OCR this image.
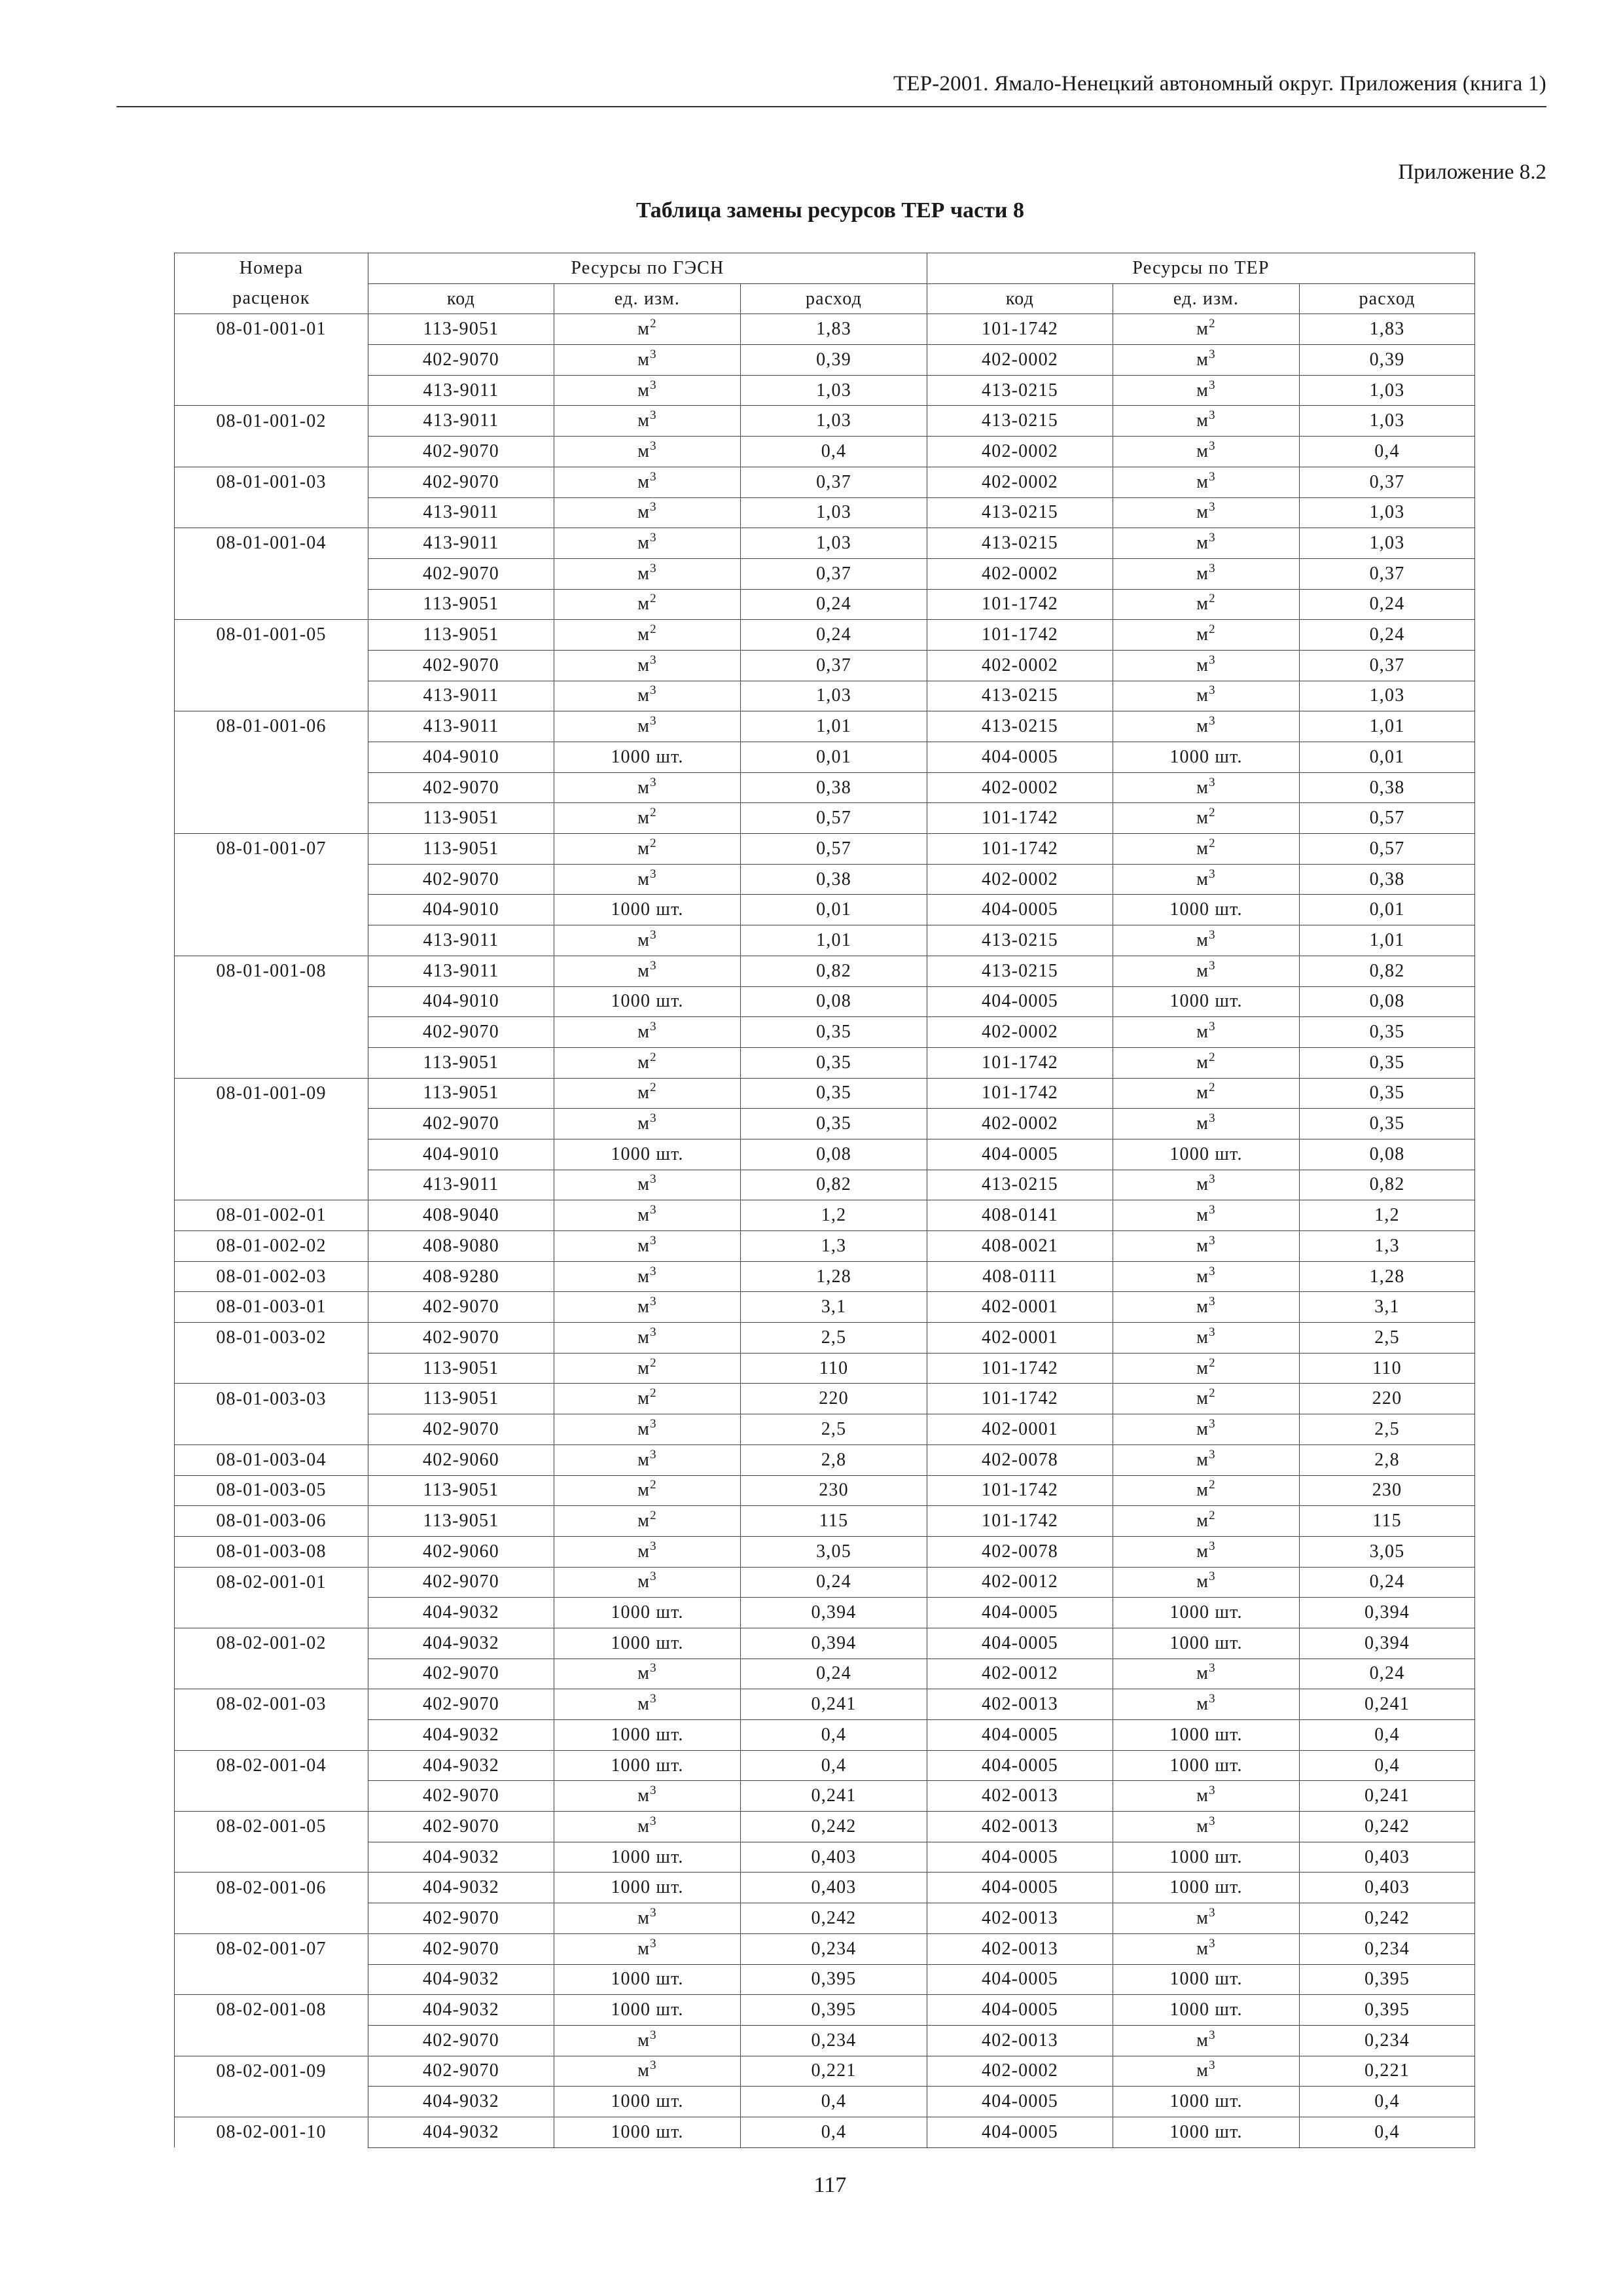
ТЕР-2001. Ямало-Ненецкий автономный округ. Приложения (книга 1)
Приложение 8.2
Таблица замены ресурсов ТЕР части 8
Номера	Ресурсы по ГЭСН			Ресурсы по ТЕР		
расценок	код	ед. изм.	расход	код	ед. изм.	расход
08-01-001-01	113-9051	$м^2$	1,83	101-1742	$м^2$	1,83
	402-9070	$м^3$	0,39	402-0002	$м^3$	0,39
	413-9011	$м^3$	1,03	413-0215	$м^3$	1,03
08-01-001-02	413-9011	$м^3$	1,03	413-0215	$м^3$	1,03
	402-9070	$м^3$	0,4	402-0002	$м^3$	0,4
08-01-001-03	402-9070	$м^3$	0,37	402-0002	$м^3$	0,37
	413-9011	$м^3$	1,03	413-0215	$м^3$	1,03
08-01-001-04	413-9011	$м^3$	1,03	413-0215	$м^3$	1,03
	402-9070	$м^3$	0,37	402-0002	$м^3$	0,37
	113-9051	$м^2$	0,24	101-1742	$м^2$	0,24
08-01-001-05	113-9051	$м^2$	0,24	101-1742	$м^2$	0,24
	402-9070	$м^3$	0,37	402-0002	$м^3$	0,37
	413-9011	$м^3$	1,03	413-0215	$м^3$	1,03
08-01-001-06	413-9011	$м^3$	1,01	413-0215	$м^3$	1,01
	404-9010	1000 шт.	0,01	404-0005	1000 шт.	0,01
	402-9070	$м^3$	0,38	402-0002	$м^3$	0,38
	113-9051	$м^2$	0,57	101-1742	$м^2$	0,57
08-01-001-07	113-9051	$м^2$	0,57	101-1742	$м^2$	0,57
	402-9070	$м^3$	0,38	402-0002	$м^3$	0,38
	404-9010	1000 шт.	0,01	404-0005	1000 шт.	0,01
	413-9011	$м^3$	1,01	413-0215	$м^3$	1,01
08-01-001-08	413-9011	$м^3$	0,82	413-0215	$м^3$	0,82
	404-9010	1000 шт.	0,08	404-0005	1000 шт.	0,08
	402-9070	$м^3$	0,35	402-0002	$м^3$	0,35
	113-9051	$м^2$	0,35	101-1742	$м^2$	0,35
08-01-001-09	113-9051	$м^2$	0,35	101-1742	$м^2$	0,35
	402-9070	$м^3$	0,35	402-0002	$м^3$	0,35
	404-9010	1000 шт.	0,08	404-0005	1000 шт.	0,08
	413-9011	$м^3$	0,82	413-0215	$м^3$	0,82
08-01-002-01	408-9040	$м^3$	1,2	408-0141	$м^3$	1,2
08-01-002-02	408-9080	$м^3$	1,3	408-0021	$м^3$	1,3
08-01-002-03	408-9280	$м^3$	1,28	408-0111	$м^3$	1,28
08-01-003-01	402-9070	$м^3$	3,1	402-0001	$м^3$	3,1
08-01-003-02	402-9070	$м^3$	2,5	402-0001	$м^3$	2,5
	113-9051	$м^2$	110	101-1742	$м^2$	110
08-01-003-03	113-9051	$м^2$	220	101-1742	$м^2$	220
	402-9070	$м^3$	2,5	402-0001	$м^3$	2,5
08-01-003-04	402-9060	$м^3$	2,8	402-0078	$м^3$	2,8
08-01-003-05	113-9051	$м^2$	230	101-1742	$м^2$	230
08-01-003-06	113-9051	$м^2$	115	101-1742	$м^2$	115
08-01-003-08	402-9060	$м^3$	3,05	402-0078	$м^3$	3,05
08-02-001-01	402-9070	$м^3$	0,24	402-0012	$м^3$	0,24
	404-9032	1000 шт.	0,394	404-0005	1000 шт.	0,394
08-02-001-02	404-9032	1000 шт.	0,394	404-0005	1000 шт.	0,394
	402-9070	$м^3$	0,24	402-0012	$м^3$	0,24
08-02-001-03	402-9070	$м^3$	0,241	402-0013	$м^3$	0,241
	404-9032	1000 шт.	0,4	404-0005	1000 шт.	0,4
08-02-001-04	404-9032	1000 шт.	0,4	404-0005	1000 шт.	0,4
	402-9070	$м^3$	0,241	402-0013	$м^3$	0,241
08-02-001-05	402-9070	$м^3$	0,242	402-0013	$м^3$	0,242
	404-9032	1000 шт.	0,403	404-0005	1000 шт.	0,403
08-02-001-06	404-9032	1000 шт.	0,403	404-0005	1000 шт.	0,403
	402-9070	$м^3$	0,242	402-0013	$м^3$	0,242
08-02-001-07	402-9070	$м^3$	0,234	402-0013	$м^3$	0,234
	404-9032	1000 шт.	0,395	404-0005	1000 шт.	0,395
08-02-001-08	404-9032	1000 шт.	0,395	404-0005	1000 шт.	0,395
	402-9070	$м^3$	0,234	402-0013	$м^3$	0,234
08-02-001-09	402-9070	$м^3$	0,221	402-0002	$м^3$	0,221
	404-9032	1000 шт.	0,4	404-0005	1000 шт.	0,4
08-02-001-10	404-9032	1000 шт.	0,4	404-0005	1000 шт.	0,4
117
